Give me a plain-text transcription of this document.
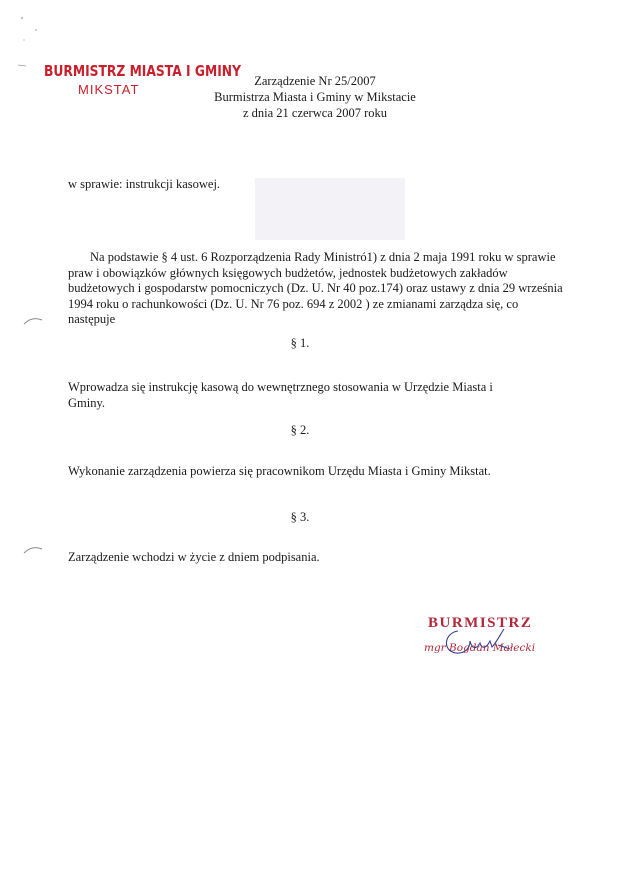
BURMISTRZ MIASTA I GMINY
MIKSTAT
Zarządzenie Nr 25/2007
Burmistrza Miasta i Gminy w Mikstacie
z dnia 21 czerwca 2007 roku
w sprawie: instrukcji kasowej.
Na podstawie § 4 ust. 6 Rozporządzenia Rady Ministró1) z dnia 2 maja 1991 roku w sprawie praw i obowiązków głównych księgowych budżetów, jednostek budżetowych zakładów budżetowych i gospodarstw pomocniczych (Dz. U. Nr 40 poz.174) oraz ustawy z dnia 29 września 1994 roku o rachunkowości (Dz. U. Nr 76 poz. 694 z 2002 ) ze zmianami zarządza się, co następuje
§ 1.
Wprowadza się instrukcję kasową do wewnętrznego stosowania w Urzędzie Miasta i Gminy.
§ 2.
Wykonanie zarządzenia powierza się pracownikom Urzędu Miasta i Gminy Mikstat.
§ 3.
Zarządzenie wchodzi w życie z dniem podpisania.
BURMISTRZ
mgr Bogdan Małecki
